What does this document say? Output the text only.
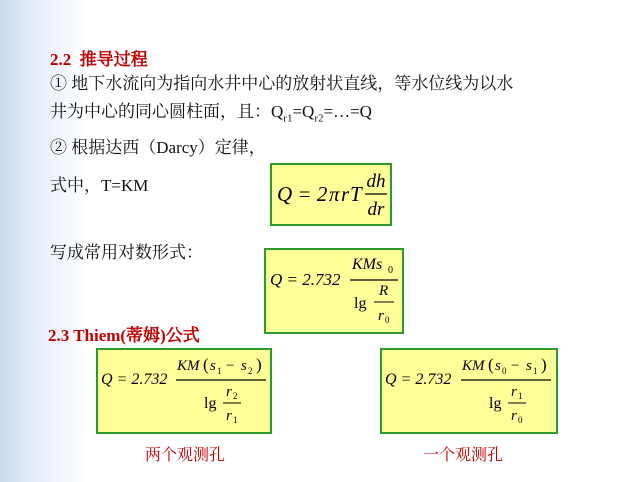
2.2 推导过程
① 地下水流向为指向水井中心的放射状直线，等水位线为以水
井为中心的同心圆柱面，且：$Q_{r1}=Q_{r2}=\dots=Q$
② 根据达西（Darcy）定律，
式中，T=KM	Q = 2 π r T
dh
dr
写成常用对数形式：
Q = 2.732
KMs 0
lg
R
r 0
2.3 Thiem(蒂姆)公式
Q = 2.732
KM ( s 1 − s 2 )
lg
r 2
r 1
Q = 2.732
KM ( s 0 − s 1 )
lg
r 1
r 0
两个观测孔	一个观测孔
